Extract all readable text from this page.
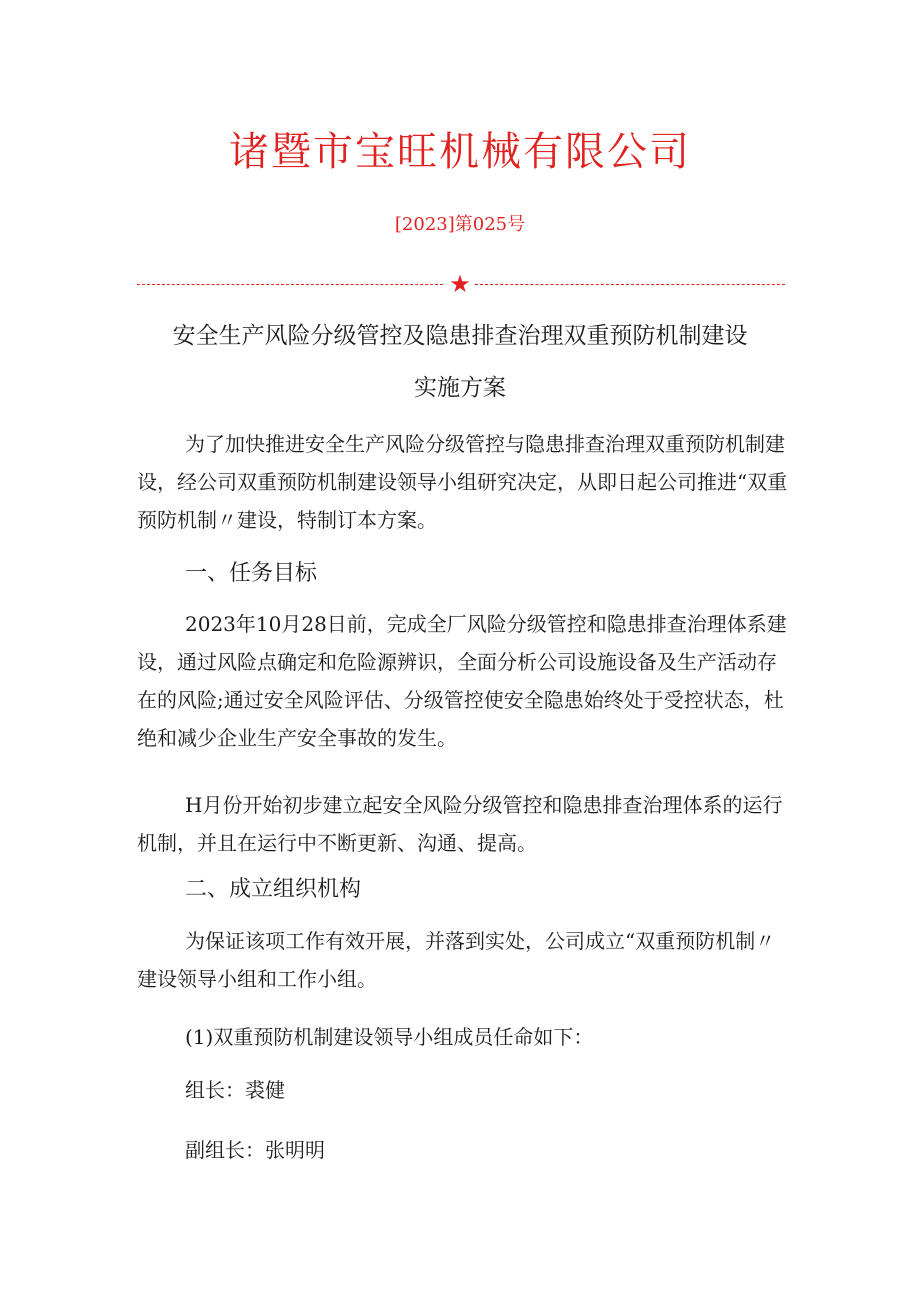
诸暨市宝旺机械有限公司
[2023]第025号
★
安全生产风险分级管控及隐患排查治理双重预防机制建设
实施方案

为了加快推进安全生产风险分级管控与隐患排查治理双重预防机制建设，经公司双重预防机制建设领导小组研究决定，从即日起公司推进“双重预防机制〃建设，特制订本方案。

一、任务目标

2023年10月28日前，完成全厂风险分级管控和隐患排查治理体系建设，通过风险点确定和危险源辨识，全面分析公司设施设备及生产活动存在的风险;通过安全风险评估、分级管控使安全隐患始终处于受控状态，杜绝和减少企业生产安全事故的发生。

H月份开始初步建立起安全风险分级管控和隐患排查治理体系的运行机制，并且在运行中不断更新、沟通、提高。

二、成立组织机构

为保证该项工作有效开展，并落到实处，公司成立“双重预防机制〃建设领导小组和工作小组。

(1)双重预防机制建设领导小组成员任命如下：
组长：裘健
副组长：张明明
